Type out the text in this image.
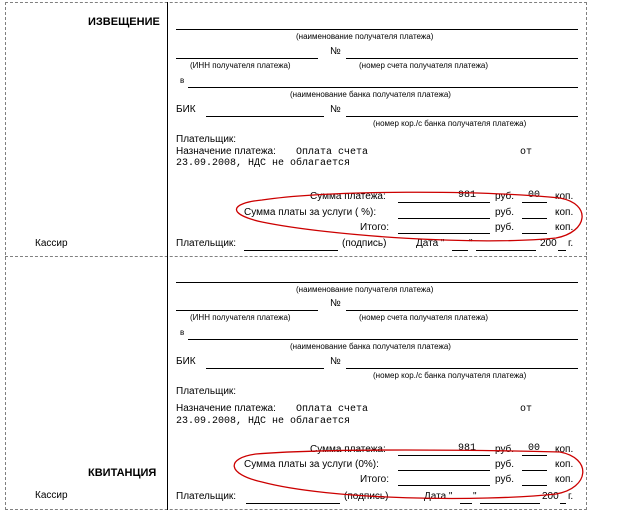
ИЗВЕЩЕНИЕ
Кассир
(наименование получателя платежа)
№
(ИНН получателя платежа)	(номер счета получателя платежа)
в
(наименование банка получателя платежа)
БИК	№
(номер кор./с банка получателя платежа)
Плательщик:
Назначение платежа: Оплата счета	от
23.09.2008, НДС не облагается
Сумма платежа:	981 руб. 00 коп.
Сумма платы за услуги ( %):	руб.	коп.
Итого:	руб.	коп.
Плательщик:	(подпись)	Дата " "	200 г.
КВИТАНЦИЯ
Кассир
(наименование получателя платежа)
№
(ИНН получателя платежа)	(номер счета получателя платежа)
в
(наименование банка получателя платежа)
БИК	№
(номер кор./с банка получателя платежа)
Плательщик:
Назначение платежа: Оплата счета	от
23.09.2008, НДС не облагается
Сумма платежа:	981 руб. 00 коп.
Сумма платы за услуги (0%):	руб.	коп.
Итого:	руб.	коп.
Плательщик:	(подпись)	Дата " "	200 г.
